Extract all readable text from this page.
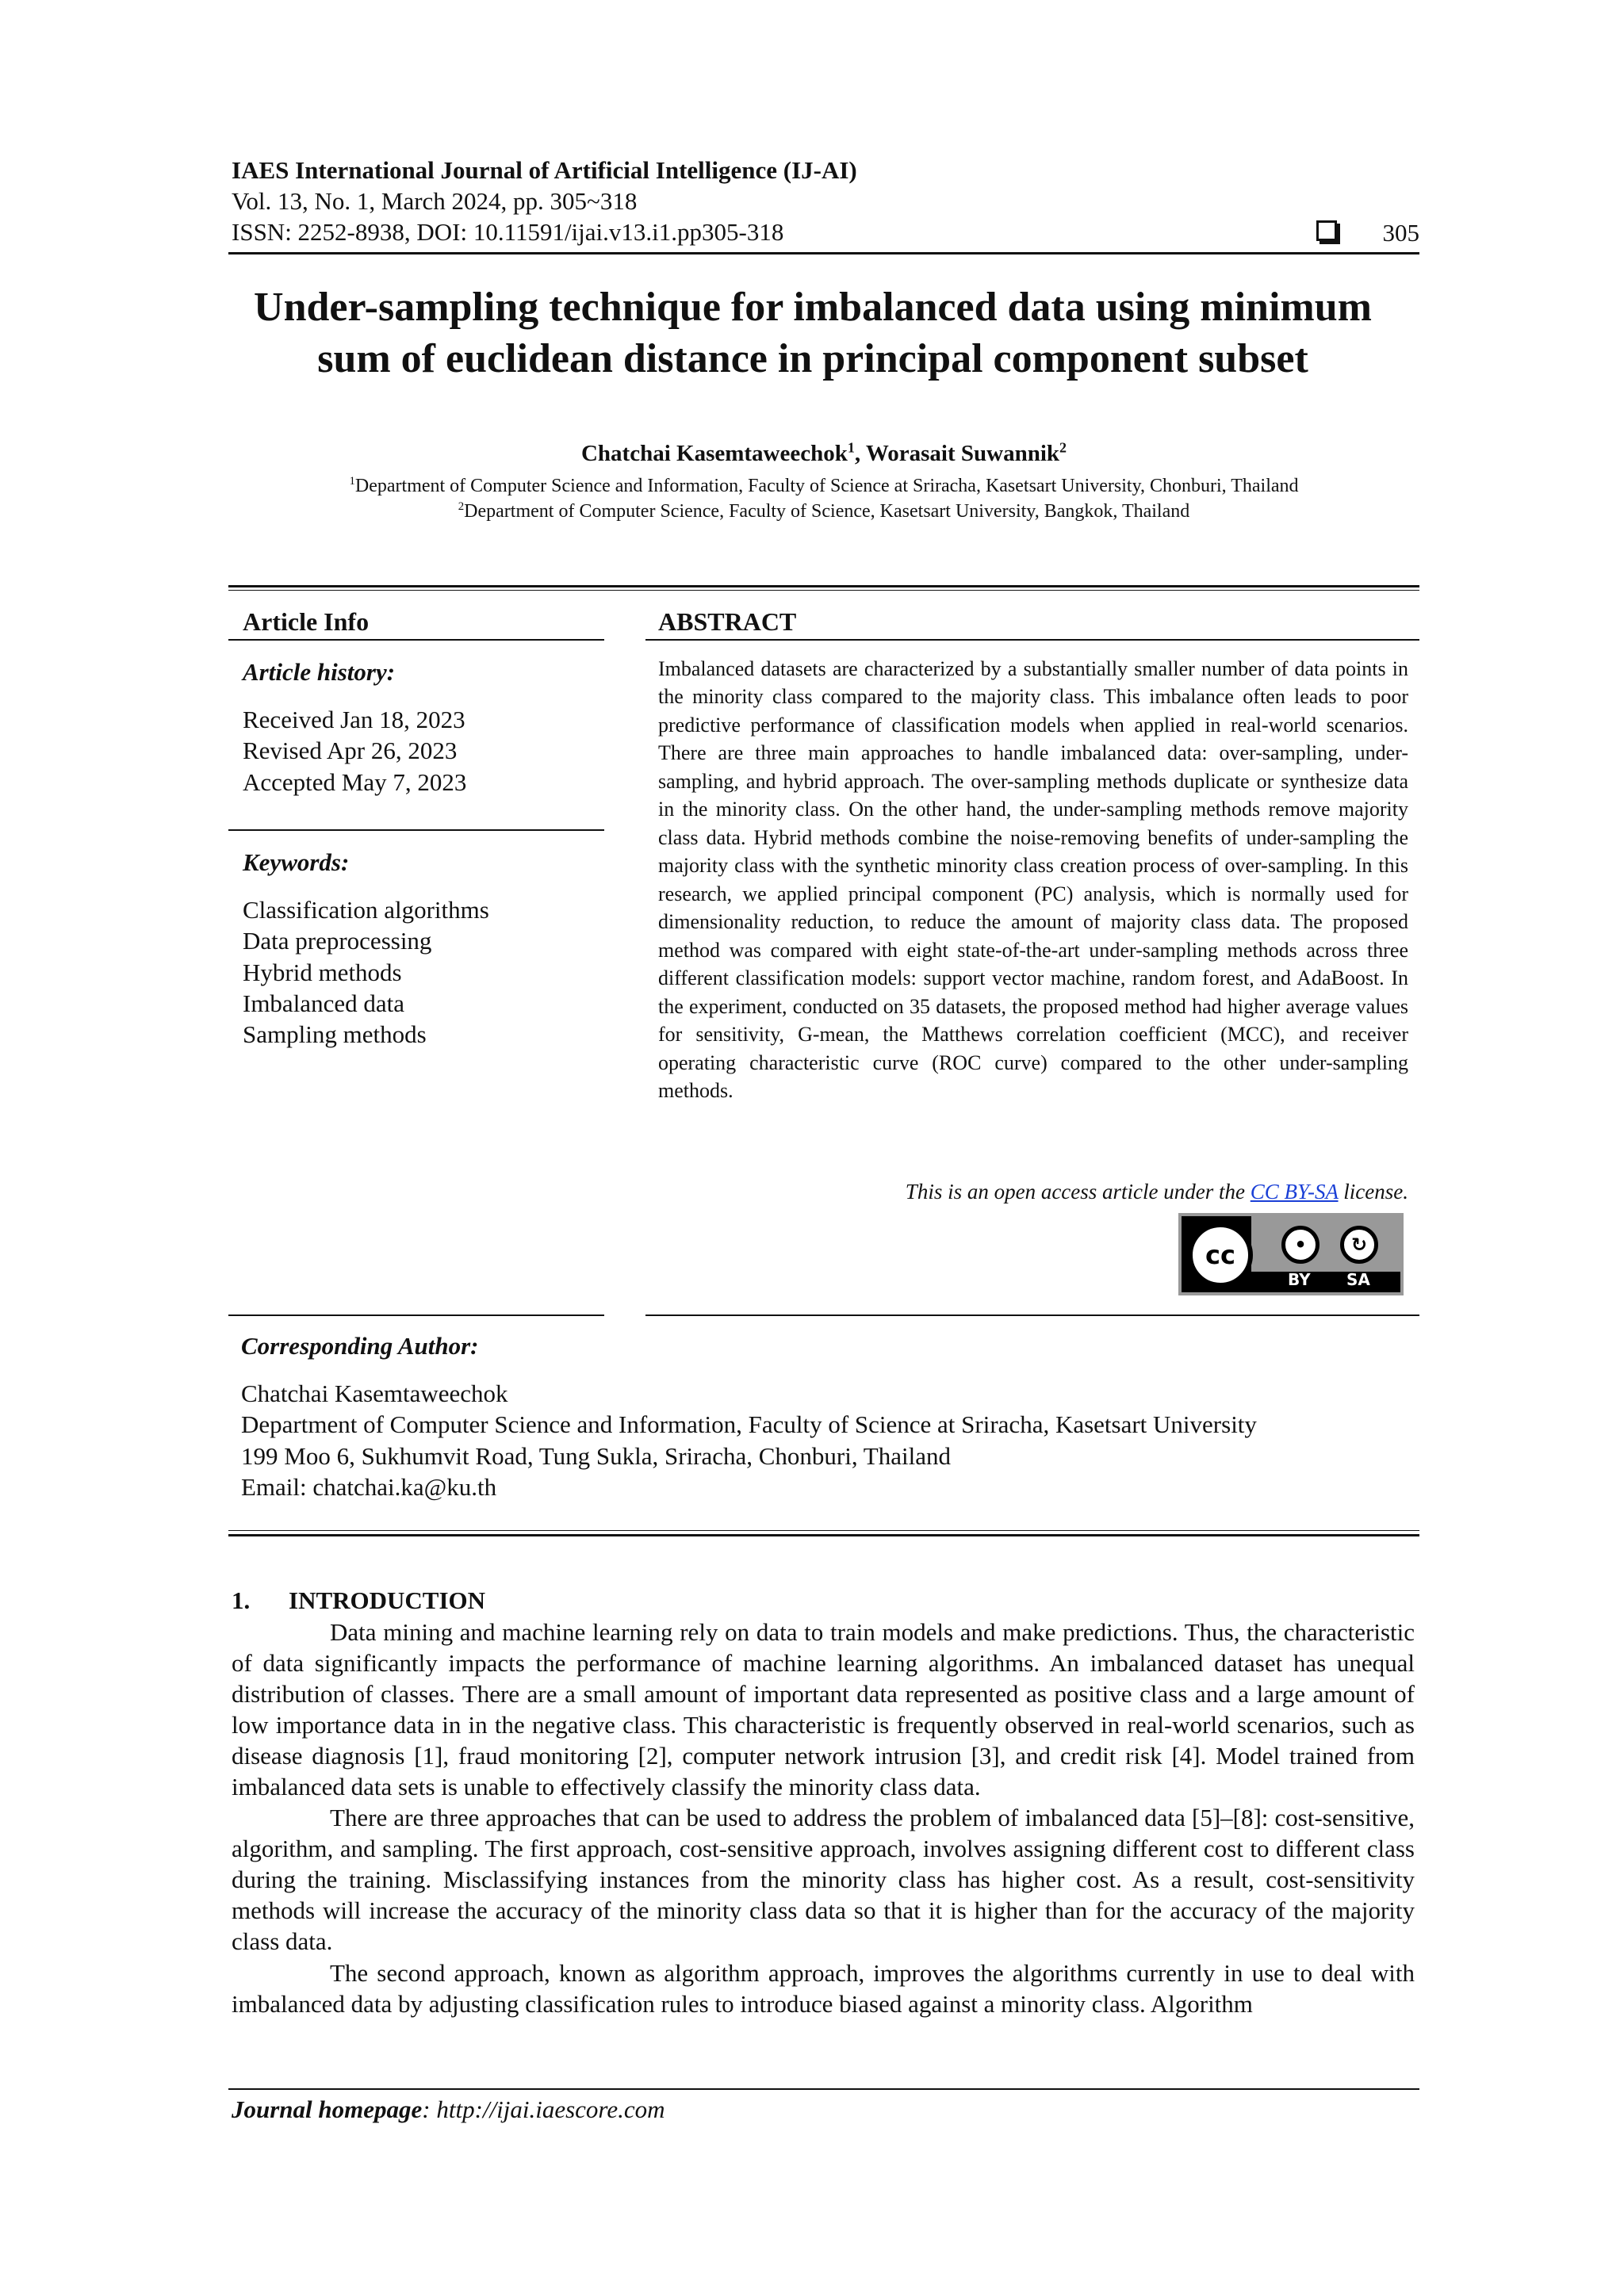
IAES International Journal of Artificial Intelligence (IJ-AI)
Vol. 13, No. 1, March 2024, pp. 305~318
ISSN: 2252-8938, DOI: 10.11591/ijai.v13.i1.pp305-318	305
Under-sampling technique for imbalanced data using minimum
sum of euclidean distance in principal component subset
Chatchai Kasemtaweechok$^1$, Worasait Suwannik$^2$
$^1$Department of Computer Science and Information, Faculty of Science at Sriracha, Kasetsart University, Chonburi, Thailand
$^2$Department of Computer Science, Faculty of Science, Kasetsart University, Bangkok, Thailand
Article Info
Article history:
Received Jan 18, 2023
Revised Apr 26, 2023
Accepted May 7, 2023
Keywords:
Classification algorithms
Data preprocessing
Hybrid methods
Imbalanced data
Sampling methods
ABSTRACT
Imbalanced datasets are characterized by a substantially smaller number of data points in the minority class compared to the majority class. This imbalance often leads to poor predictive performance of classification models when applied in real-world scenarios. There are three main approaches to handle imbalanced data: over-sampling, under-sampling, and hybrid approach. The over-sampling methods duplicate or synthesize data in the minority class. On the other hand, the under-sampling methods remove majority class data. Hybrid methods combine the noise-removing benefits of under-sampling the majority class with the synthetic minority class creation process of over-sampling. In this research, we applied principal component (PC) analysis, which is normally used for dimensionality reduction, to reduce the amount of majority class data. The proposed method was compared with eight state-of-the-art under-sampling methods across three different classification models: support vector machine, random forest, and AdaBoost. In the experiment, conducted on 35 datasets, the proposed method had higher average values for sensitivity, G-mean, the Matthews correlation coefficient (MCC), and receiver operating characteristic curve (ROC curve) compared to the other under-sampling methods.
This is an open access article under the CC BY-SA license.
cc	•	↻
BY SA
Corresponding Author:
Chatchai Kasemtaweechok
Department of Computer Science and Information, Faculty of Science at Sriracha, Kasetsart University
199 Moo 6, Sukhumvit Road, Tung Sukla, Sriracha, Chonburi, Thailand
Email: chatchai.ka@ku.th
1. INTRODUCTION

Data mining and machine learning rely on data to train models and make predictions. Thus, the characteristic of data significantly impacts the performance of machine learning algorithms. An imbalanced dataset has unequal distribution of classes. There are a small amount of important data represented as positive class and a large amount of low importance data in in the negative class. This characteristic is frequently observed in real-world scenarios, such as disease diagnosis [1], fraud monitoring [2], computer network intrusion [3], and credit risk [4]. Model trained from imbalanced data sets is unable to effectively classify the minority class data.

There are three approaches that can be used to address the problem of imbalanced data [5]–[8]: cost-sensitive, algorithm, and sampling. The first approach, cost-sensitive approach, involves assigning different cost to different class during the training. Misclassifying instances from the minority class has higher cost. As a result, cost-sensitivity methods will increase the accuracy of the minority class data so that it is higher than for the accuracy of the majority class data.

The second approach, known as algorithm approach, improves the algorithms currently in use to deal with imbalanced data by adjusting classification rules to introduce biased against a minority class. Algorithm

Journal homepage: http://ijai.iaescore.com
